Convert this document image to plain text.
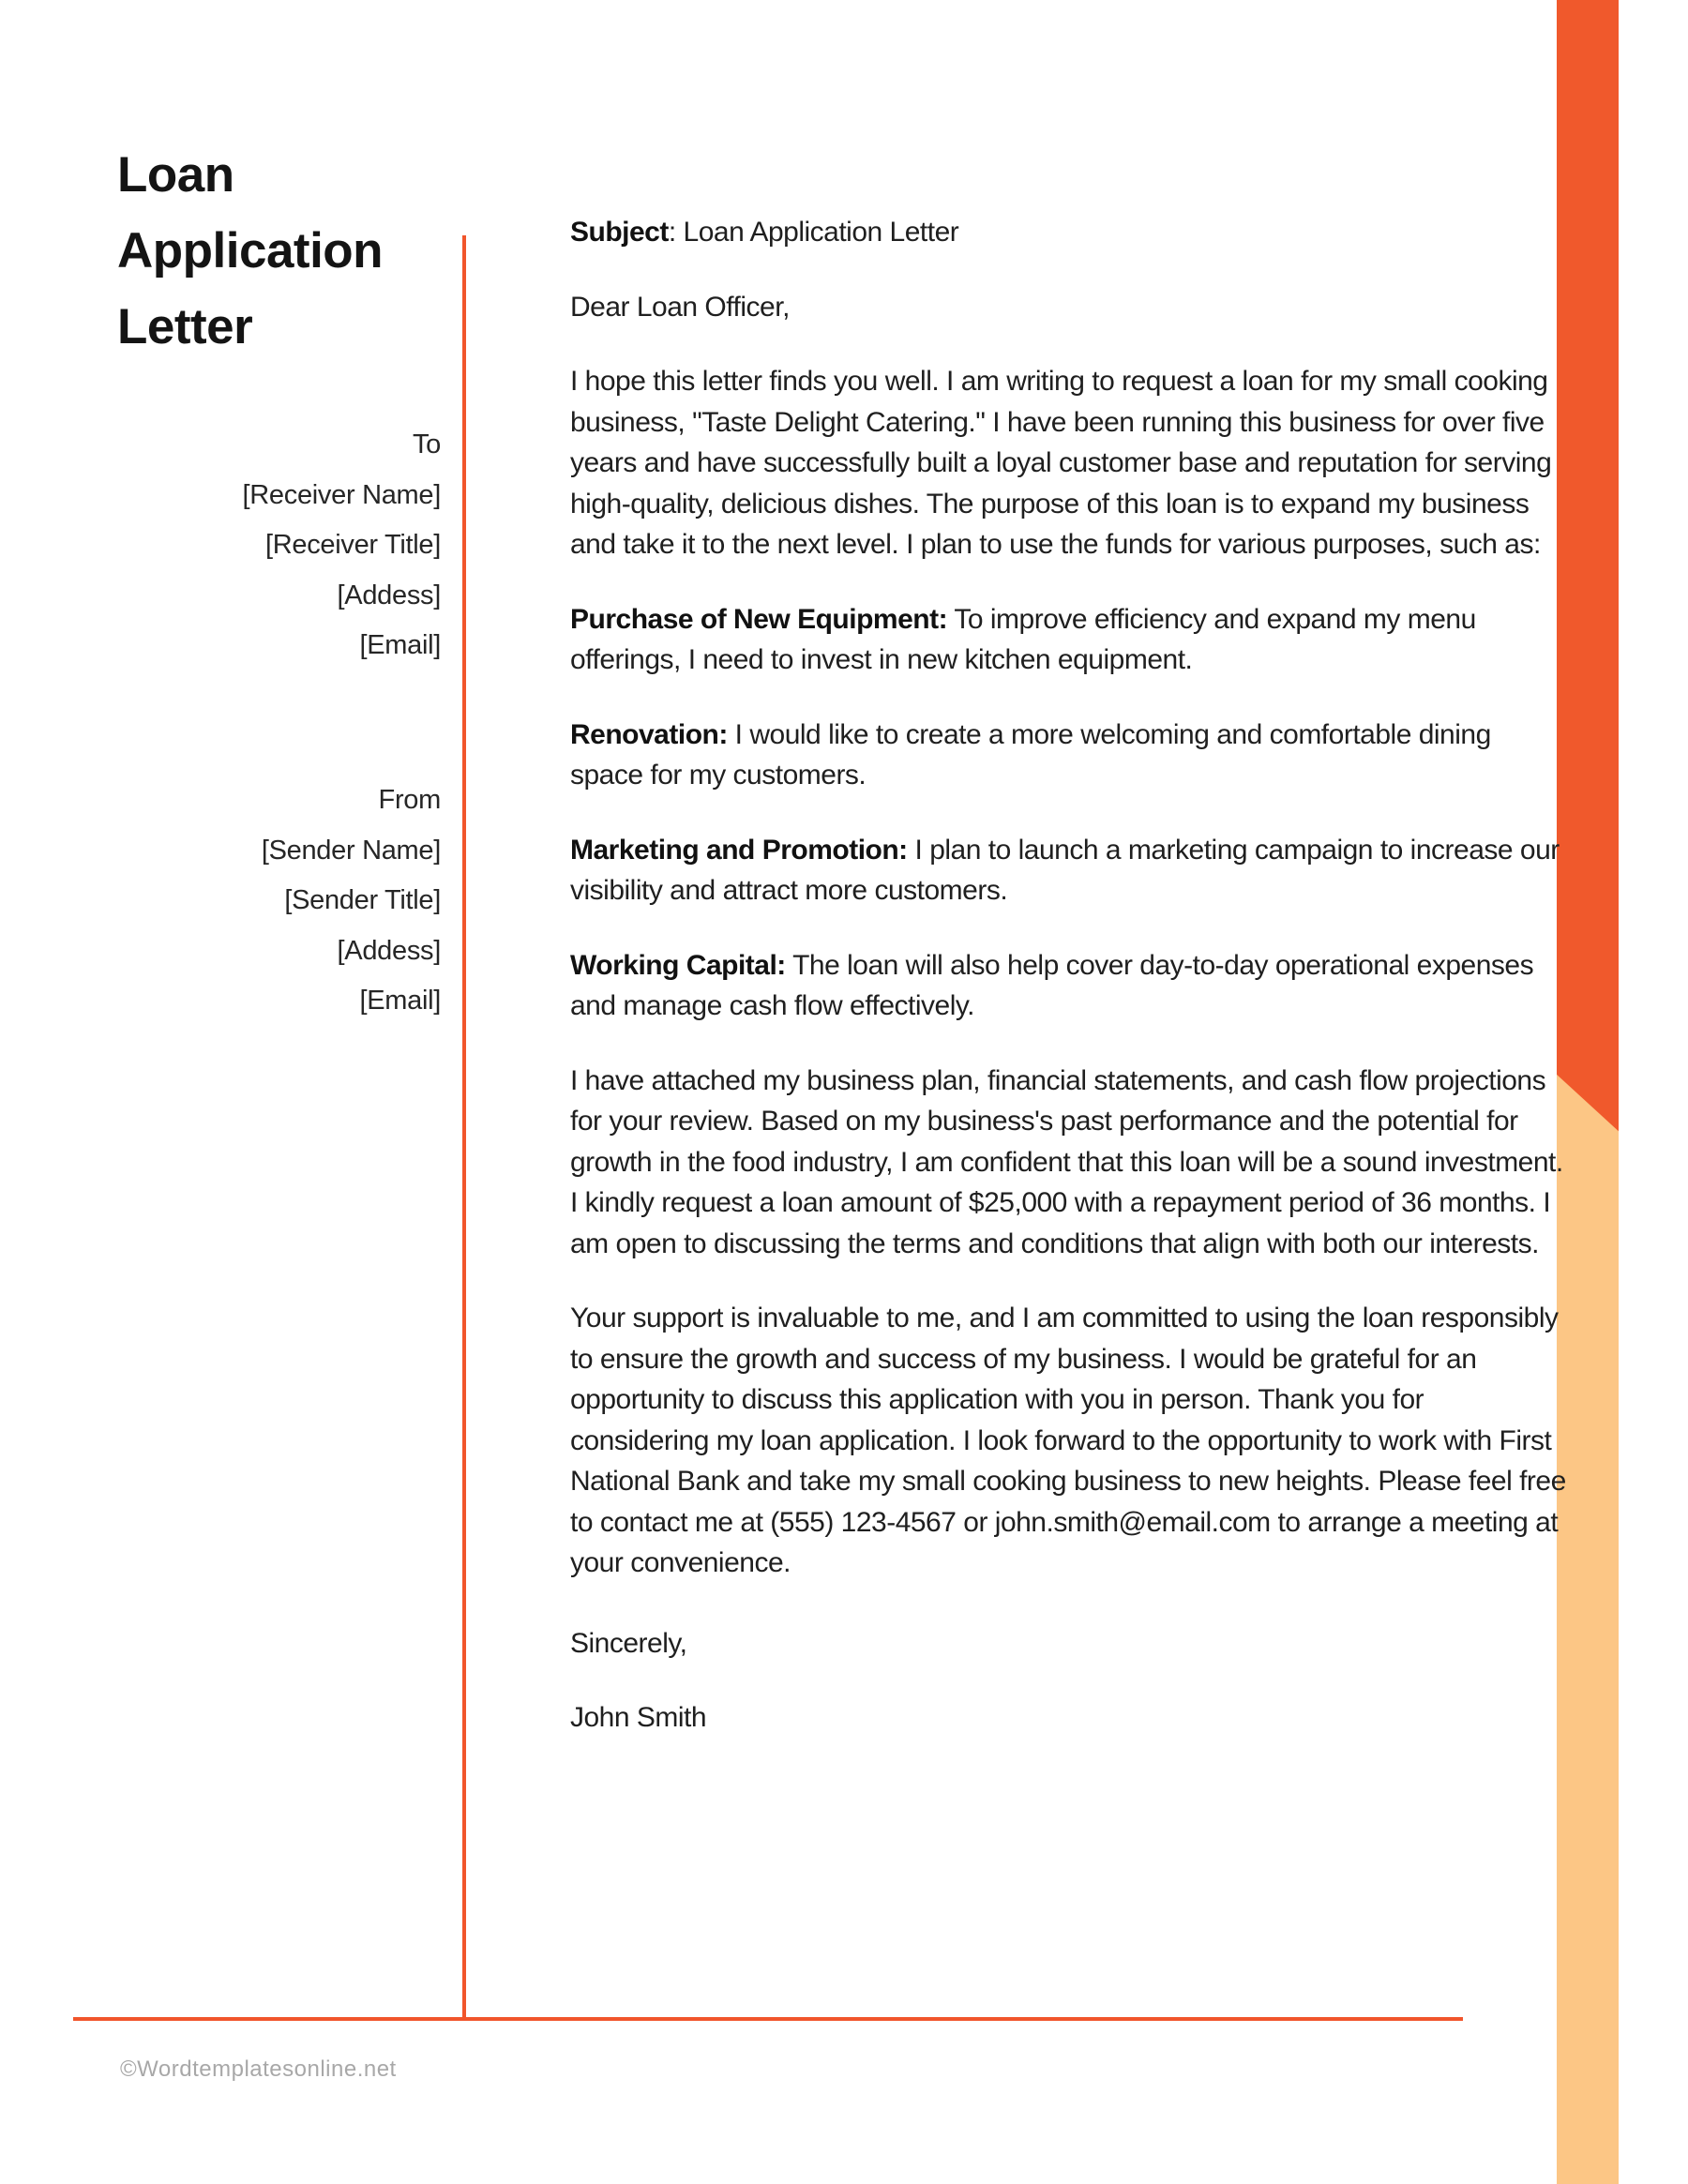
Loan
Application
Letter
To
[Receiver Name]
[Receiver Title]
[Addess]
[Email]
From
[Sender Name]
[Sender Title]
[Addess]
[Email]

Subject: Loan Application Letter

Dear Loan Officer,

I hope this letter finds you well. I am writing to request a loan for my small cooking business, "Taste Delight Catering." I have been running this business for over five years and have successfully built a loyal customer base and reputation for serving high-quality, delicious dishes. The purpose of this loan is to expand my business and take it to the next level. I plan to use the funds for various purposes, such as:

Purchase of New Equipment: To improve efficiency and expand my menu offerings, I need to invest in new kitchen equipment.

Renovation: I would like to create a more welcoming and comfortable dining space for my customers.

Marketing and Promotion: I plan to launch a marketing campaign to increase our visibility and attract more customers.

Working Capital: The loan will also help cover day-to-day operational expenses and manage cash flow effectively.

I have attached my business plan, financial statements, and cash flow projections for your review. Based on my business's past performance and the potential for growth in the food industry, I am confident that this loan will be a sound investment. I kindly request a loan amount of $25,000 with a repayment period of 36 months. I am open to discussing the terms and conditions that align with both our interests.

Your support is invaluable to me, and I am committed to using the loan responsibly to ensure the growth and success of my business. I would be grateful for an opportunity to discuss this application with you in person. Thank you for considering my loan application. I look forward to the opportunity to work with First National Bank and take my small cooking business to new heights. Please feel free to contact me at (555) 123-4567 or john.smith@email.com to arrange a meeting at your convenience.

Sincerely,

John Smith

©Wordtemplatesonline.net
